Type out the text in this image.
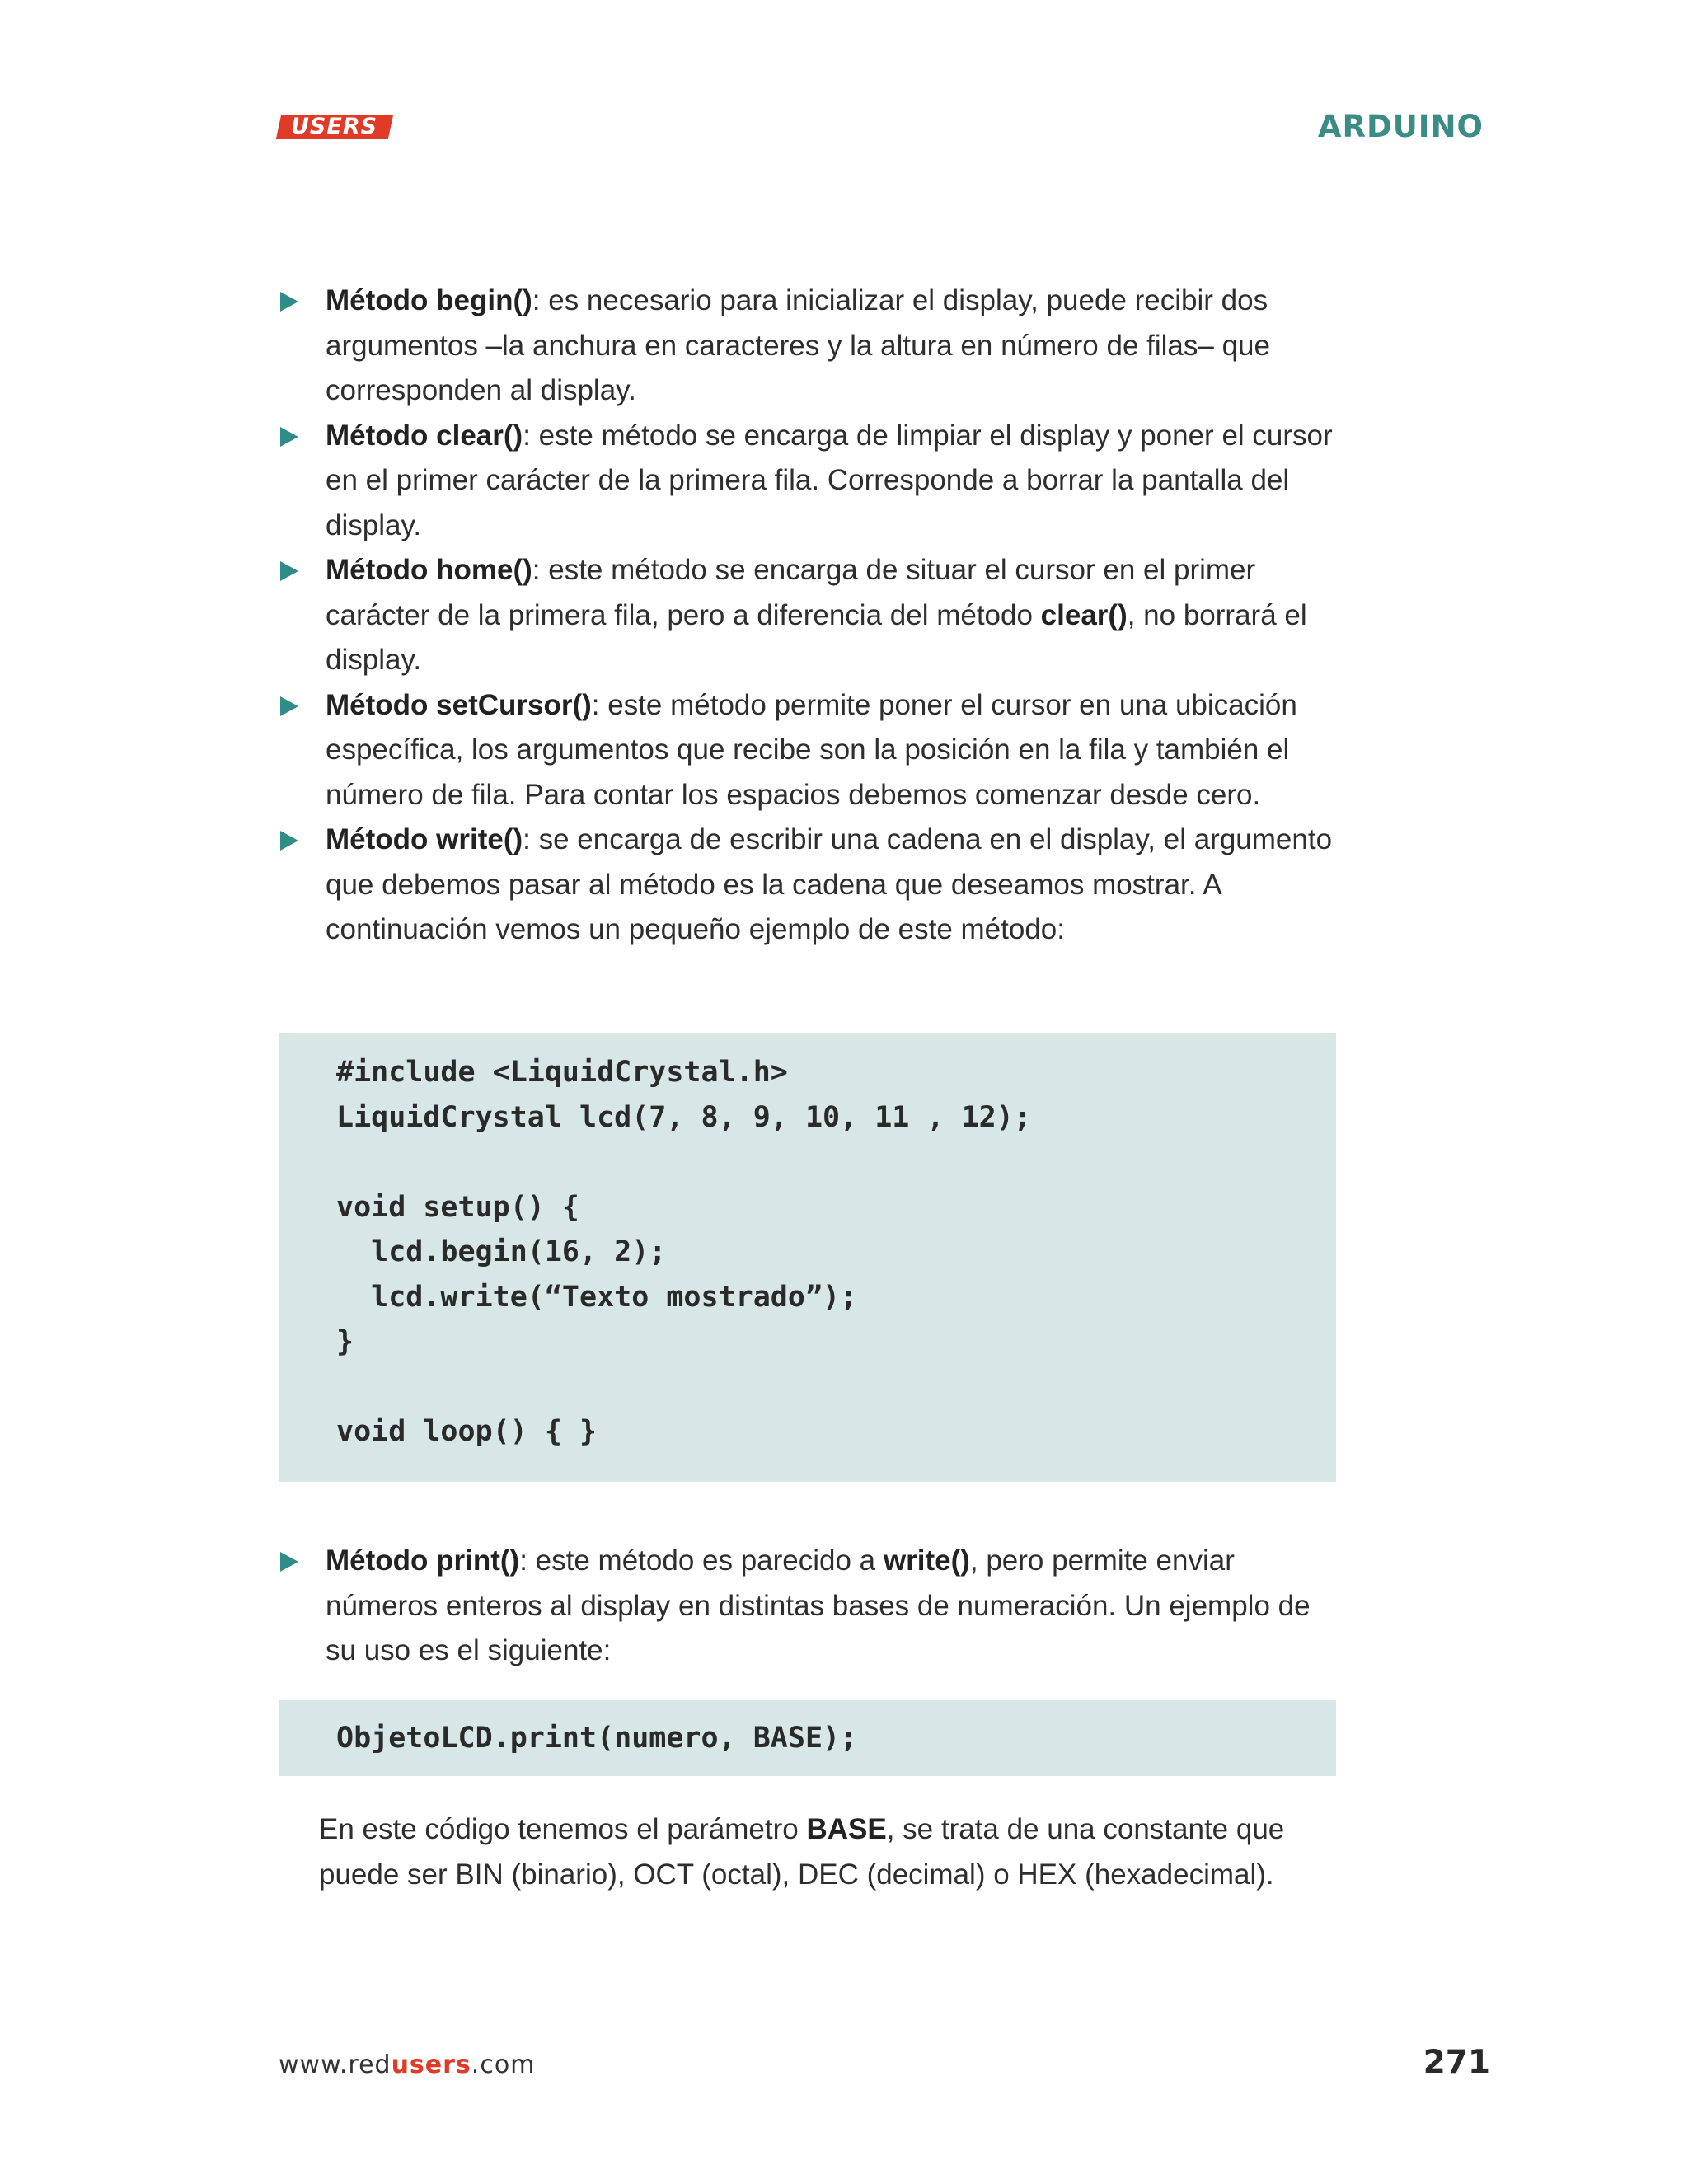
USERS	ARDUINO
Método begin(): es necesario para inicializar el display, puede recibir dos argumentos –la anchura en caracteres y la altura en número de filas– que corresponden al display.
Método clear(): este método se encarga de limpiar el display y poner el cursor en el primer carácter de la primera fila. Corresponde a borrar la pantalla del display.
Método home(): este método se encarga de situar el cursor en el primer carácter de la primera fila, pero a diferencia del método clear(), no borrará el display.
Método setCursor(): este método permite poner el cursor en una ubicación específica, los argumentos que recibe son la posición en la fila y también el número de fila. Para contar los espacios debemos comenzar desde cero.
Método write(): se encarga de escribir una cadena en el display, el argumento que debemos pasar al método es la cadena que deseamos mostrar. A continuación vemos un pequeño ejemplo de este método:
#include <LiquidCrystal.h>
LiquidCrystal lcd(7, 8, 9, 10, 11 , 12);
void setup() {
lcd.begin(16, 2);
lcd.write(“Texto mostrado”);
}
void loop() { }
Método print(): este método es parecido a write(), pero permite enviar números enteros al display en distintas bases de numeración. Un ejemplo de su uso es el siguiente:
ObjetoLCD.print(numero, BASE);

En este código tenemos el parámetro BASE, se trata de una constante que puede ser BIN (binario), OCT (octal), DEC (decimal) o HEX (hexadecimal).

www.redusers.com	271
